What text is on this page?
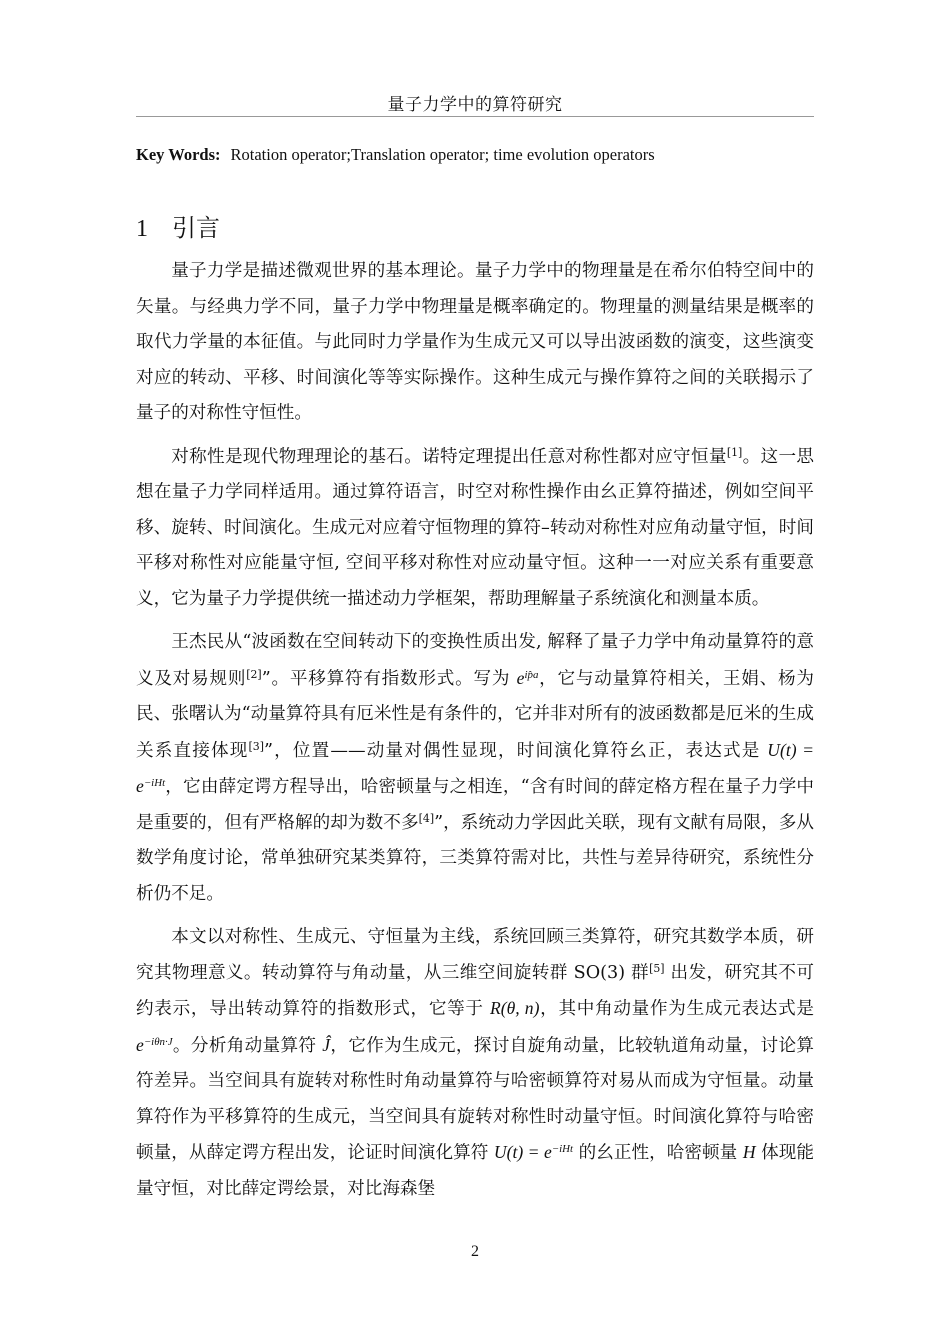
量子力学中的算符研究
Key Words: Rotation operator;Translation operator; time evolution operators
1 引言

量子力学是描述微观世界的基本理论。量子力学中的物理量是在希尔伯特空间中的矢量。与经典力学不同，量子力学中物理量是概率确定的。物理量的测量结果是概率的取代力学量的本征值。与此同时力学量作为生成元又可以导出波函数的演变，这些演变对应的转动、平移、时间演化等等实际操作。这种生成元与操作算符之间的关联揭示了量子的对称性守恒性。

对称性是现代物理理论的基石。诺特定理提出任意对称性都对应守恒量[1]。这一思想在量子力学同样适用。通过算符语言，时空对称性操作由幺正算符描述，例如空间平移、旋转、时间演化。生成元对应着守恒物理的算符–转动对称性对应角动量守恒，时间平移对称性对应能量守恒, 空间平移对称性对应动量守恒。这种一一对应关系有重要意义，它为量子力学提供统一描述动力学框架，帮助理解量子系统演化和测量本质。

王杰民从“波函数在空间转动下的变换性质出发, 解释了量子力学中角动量算符的意义及对易规则[2]”。平移算符有指数形式。写为 $e^{ip̂a}$，它与动量算符相关，王娟、杨为民、张曙认为“动量算符具有厄米性是有条件的，它并非对所有的波函数都是厄米的生成关系直接体现[3]”，位置——动量对偶性显现，时间演化算符幺正，表达式是 $U(t) = e^{-iHt}$，它由薛定谔方程导出，哈密顿量与之相连，“含有时间的薛定格方程在量子力学中是重要的，但有严格解的却为数不多[4]”，系统动力学因此关联，现有文献有局限，多从数学角度讨论，常单独研究某类算符，三类算符需对比，共性与差异待研究，系统性分析仍不足。

本文以对称性、生成元、守恒量为主线，系统回顾三类算符，研究其数学本质，研究其物理意义。转动算符与角动量，从三维空间旋转群 SO(3) 群[5] 出发，研究其不可约表示，导出转动算符的指数形式，它等于 R(θ, n)，其中角动量作为生成元表达式是 $e^{-i\theta n\cdot J}$。分析角动量算符 Ĵ，它作为生成元，探讨自旋角动量，比较轨道角动量，讨论算符差异。当空间具有旋转对称性时角动量算符与哈密顿算符对易从而成为守恒量。动量算符作为平移算符的生成元，当空间具有旋转对称性时动量守恒。时间演化算符与哈密顿量，从薛定谔方程出发，论证时间演化算符 $U(t) = e^{-iHt}$ 的幺正性，哈密顿量 H 体现能量守恒，对比薛定谔绘景，对比海森堡

2
